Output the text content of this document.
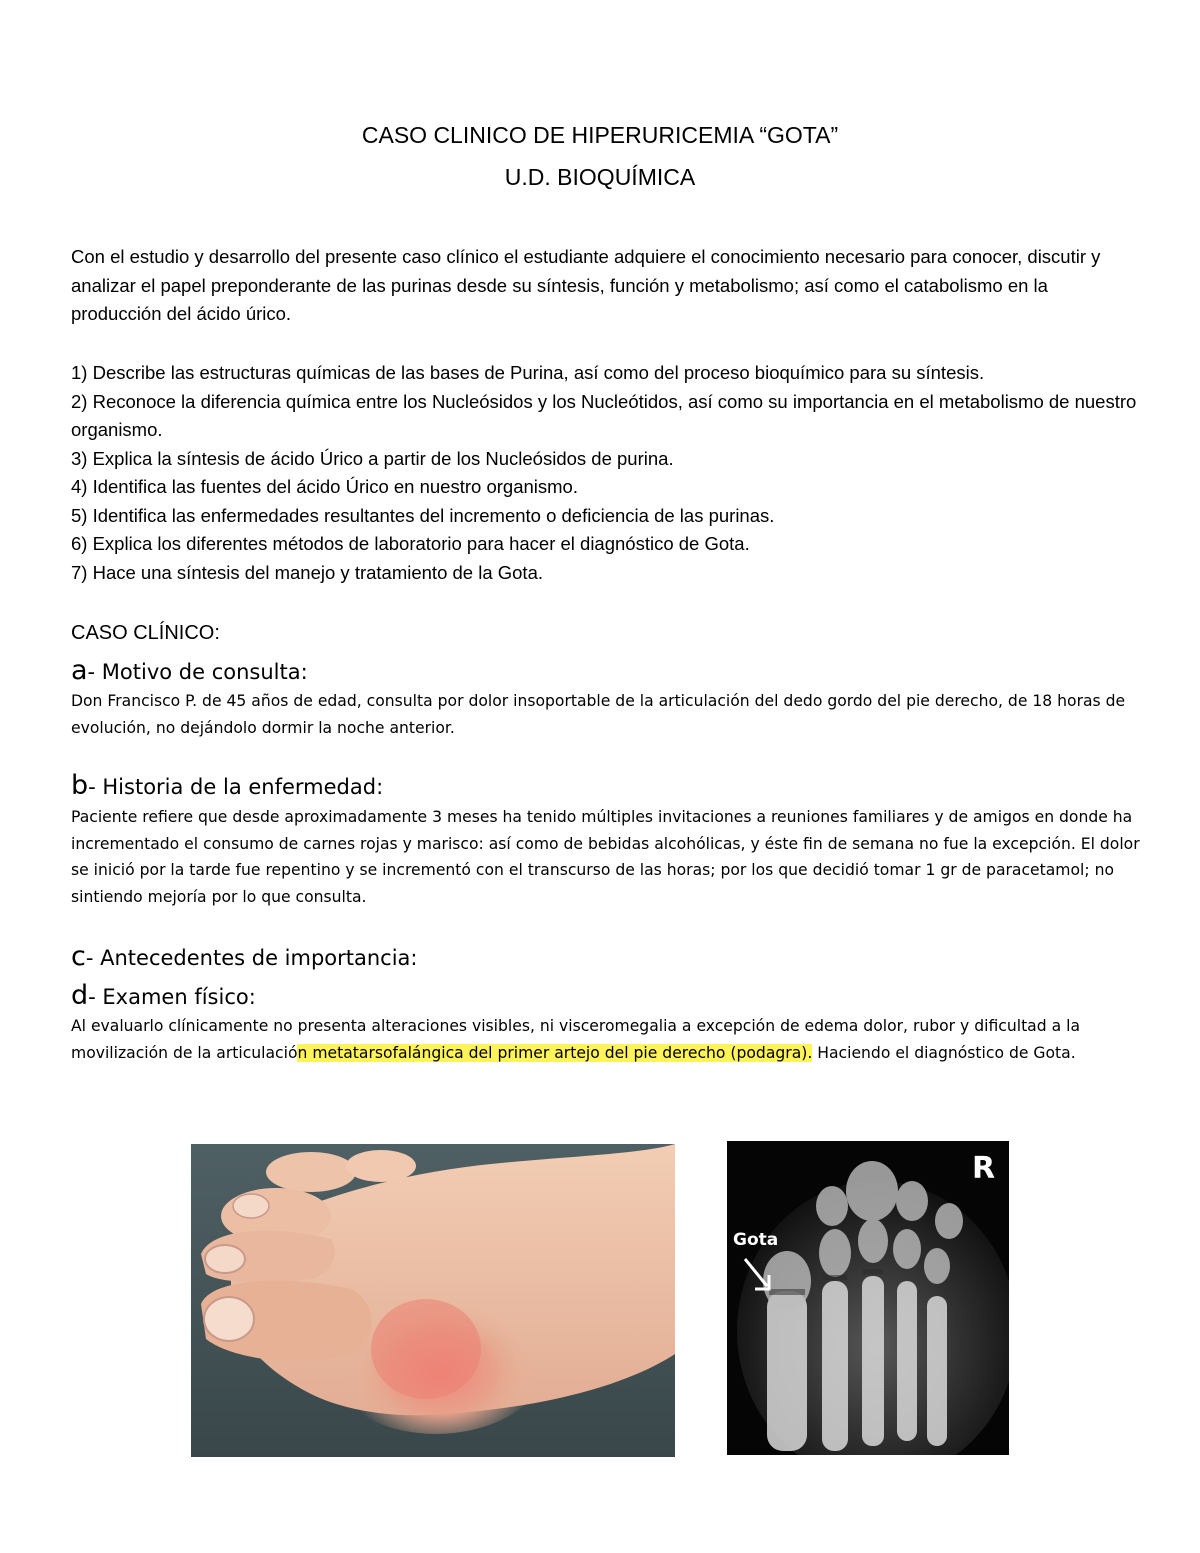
CASO CLINICO DE HIPERURICEMIA “GOTA”
U.D. BIOQUÍMICA
Con el estudio y desarrollo del presente caso clínico el estudiante adquiere el conocimiento necesario para conocer, discutir y analizar el papel preponderante de las purinas desde su síntesis, función y metabolismo; así como el catabolismo en la producción del ácido úrico.
1) Describe las estructuras químicas de las bases de Purina, así como del proceso bioquímico para su síntesis.
2) Reconoce la diferencia química entre los Nucleósidos y los Nucleótidos, así como su importancia en el metabolismo de nuestro organismo.
3) Explica la síntesis de ácido Úrico a partir de los Nucleósidos de purina.
4) Identifica las fuentes del ácido Úrico en nuestro organismo.
5) Identifica las enfermedades resultantes del incremento o deficiencia de las purinas.
6) Explica los diferentes métodos de laboratorio para hacer el diagnóstico de Gota.
7) Hace una síntesis del manejo y tratamiento de la Gota.
CASO CLÍNICO:
a- Motivo de consulta:
Don Francisco P. de 45 años de edad, consulta por dolor insoportable de la articulación del dedo gordo del pie derecho, de 18 horas de evolución, no dejándolo dormir la noche anterior.
b- Historia de la enfermedad:
Paciente refiere que desde aproximadamente 3 meses ha tenido múltiples invitaciones a reuniones familiares y de amigos en donde ha incrementado el consumo de carnes rojas y marisco: así como de bebidas alcohólicas, y éste fin de semana no fue la excepción. El dolor se inició por la tarde fue repentino y se incrementó con el transcurso de las horas; por los que decidió tomar 1 gr de paracetamol; no sintiendo mejoría por lo que consulta.
c- Antecedentes de importancia:
d- Examen físico:
Al evaluarlo clínicamente no presenta alteraciones visibles, ni visceromegalia a excepción de edema dolor, rubor y dificultad a la movilización de la articulación metatarsofalángica del primer artejo del pie derecho (podagra). Haciendo el diagnóstico de Gota.
R
Gota
